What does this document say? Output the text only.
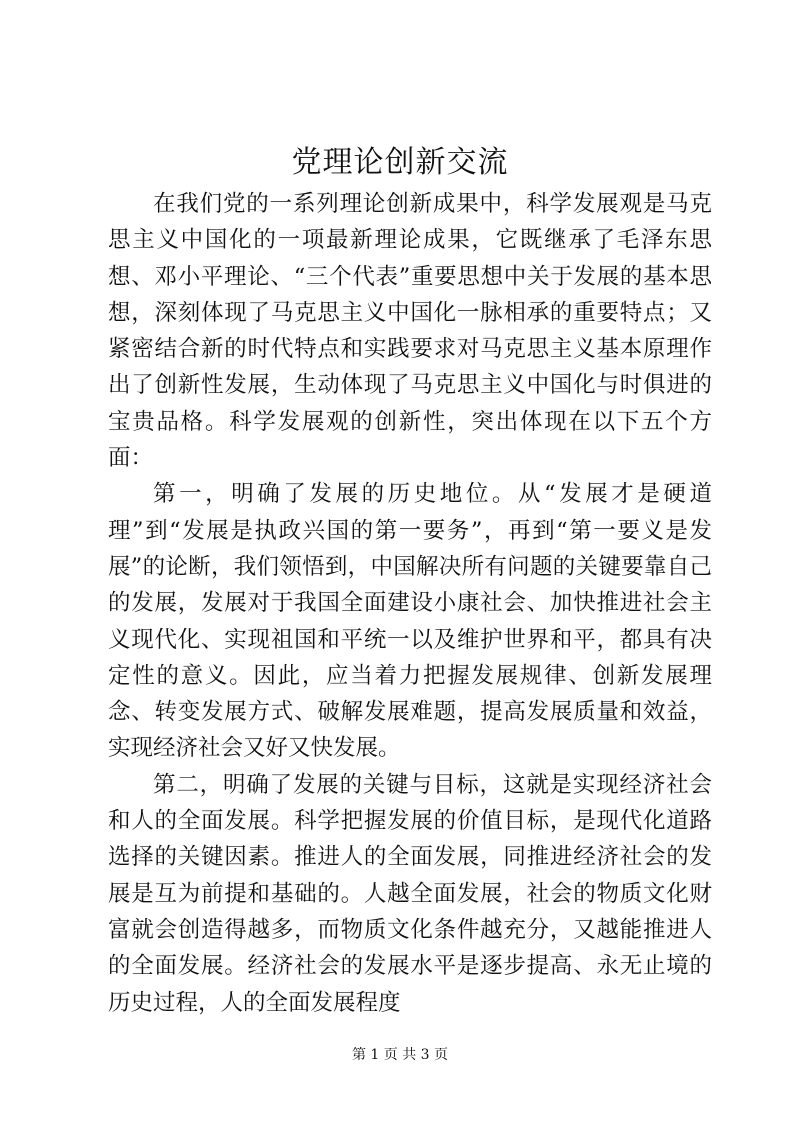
党理论创新交流

在我们党的一系列理论创新成果中，科学发展观是马克思主义中国化的一项最新理论成果，它既继承了毛泽东思想、邓小平理论、“三个代表”重要思想中关于发展的基本思想，深刻体现了马克思主义中国化一脉相承的重要特点；又紧密结合新的时代特点和实践要求对马克思主义基本原理作出了创新性发展，生动体现了马克思主义中国化与时俱进的宝贵品格。科学发展观的创新性，突出体现在以下五个方面：

第一，明确了发展的历史地位。从“发展才是硬道理”到“发展是执政兴国的第一要务”，再到“第一要义是发展”的论断，我们领悟到，中国解决所有问题的关键要靠自己的发展，发展对于我国全面建设小康社会、加快推进社会主义现代化、实现祖国和平统一以及维护世界和平，都具有决定性的意义。因此，应当着力把握发展规律、创新发展理念、转变发展方式、破解发展难题，提高发展质量和效益，实现经济社会又好又快发展。

第二，明确了发展的关键与目标，这就是实现经济社会和人的全面发展。科学把握发展的价值目标，是现代化道路选择的关键因素。推进人的全面发展，同推进经济社会的发展是互为前提和基础的。人越全面发展，社会的物质文化财富就会创造得越多，而物质文化条件越充分，又越能推进人的全面发展。经济社会的发展水平是逐步提高、永无止境的历史过程，人的全面发展程度

第 1 页 共 3 页
